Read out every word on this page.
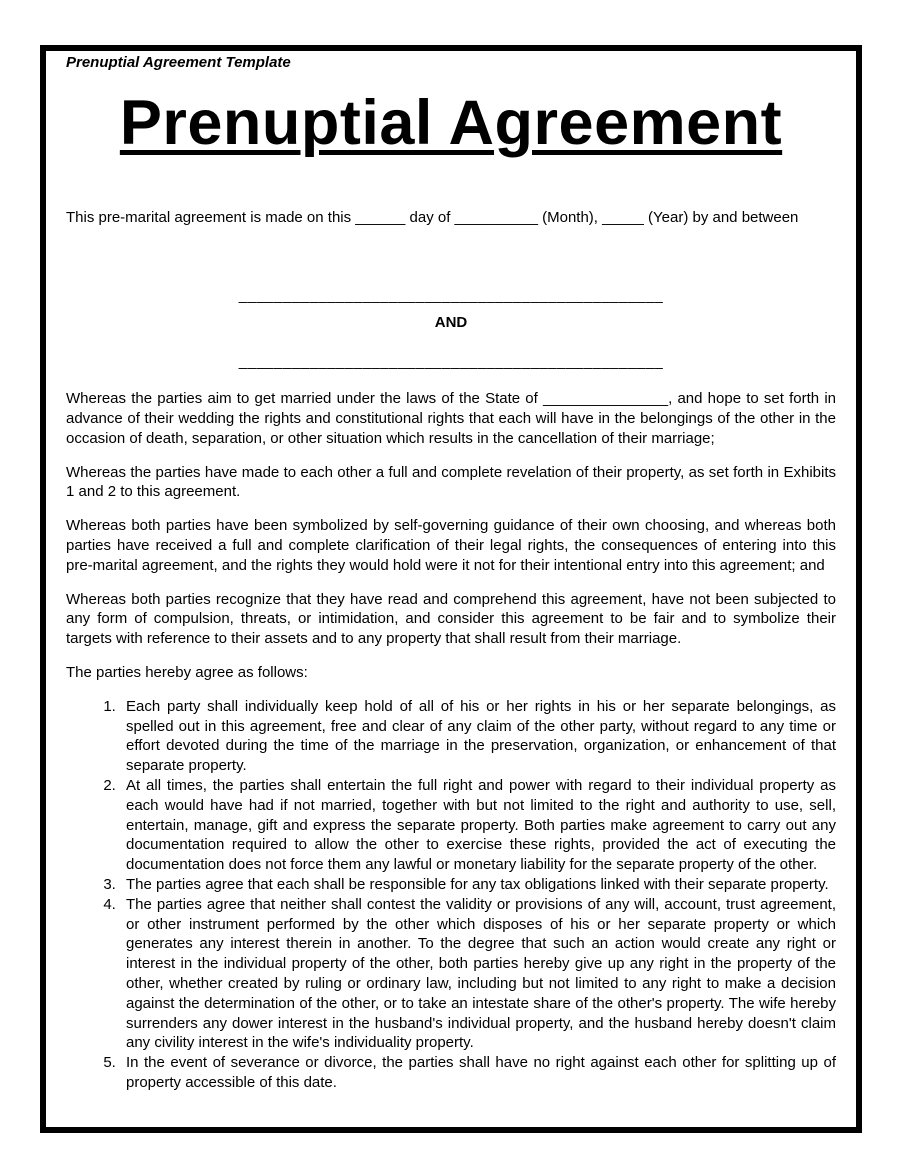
Prenuptial Agreement Template
Prenuptial Agreement

This pre-marital agreement is made on this ______ day of __________ (Month), _____ (Year) by and between

________________________________________________
AND
________________________________________________

Whereas the parties aim to get married under the laws of the State of _______________, and hope to set forth in advance of their wedding the rights and constitutional rights that each will have in the belongings of the other in the occasion of death, separation, or other situation which results in the cancellation of their marriage;

Whereas the parties have made to each other a full and complete revelation of their property, as set forth in Exhibits 1 and 2 to this agreement.

Whereas both parties have been symbolized by self-governing guidance of their own choosing, and whereas both parties have received a full and complete clarification of their legal rights, the consequences of entering into this pre-marital agreement, and the rights they would hold were it not for their intentional entry into this agreement; and

Whereas both parties recognize that they have read and comprehend this agreement, have not been subjected to any form of compulsion, threats, or intimidation, and consider this agreement to be fair and to symbolize their targets with reference to their assets and to any property that shall result from their marriage.

The parties hereby agree as follows:

1. Each party shall individually keep hold of all of his or her rights in his or her separate belongings, as spelled out in this agreement, free and clear of any claim of the other party, without regard to any time or effort devoted during the time of the marriage in the preservation, organization, or enhancement of that separate property.
2. At all times, the parties shall entertain the full right and power with regard to their individual property as each would have had if not married, together with but not limited to the right and authority to use, sell, entertain, manage, gift and express the separate property. Both parties make agreement to carry out any documentation required to allow the other to exercise these rights, provided the act of executing the documentation does not force them any lawful or monetary liability for the separate property of the other.
3. The parties agree that each shall be responsible for any tax obligations linked with their separate property.
4. The parties agree that neither shall contest the validity or provisions of any will, account, trust agreement, or other instrument performed by the other which disposes of his or her separate property or which generates any interest therein in another. To the degree that such an action would create any right or interest in the individual property of the other, both parties hereby give up any right in the property of the other, whether created by ruling or ordinary law, including but not limited to any right to make a decision against the determination of the other, or to take an intestate share of the other's property. The wife hereby surrenders any dower interest in the husband's individual property, and the husband hereby doesn't claim any civility interest in the wife's individuality property.
5. In the event of severance or divorce, the parties shall have no right against each other for splitting up of property accessible of this date.
